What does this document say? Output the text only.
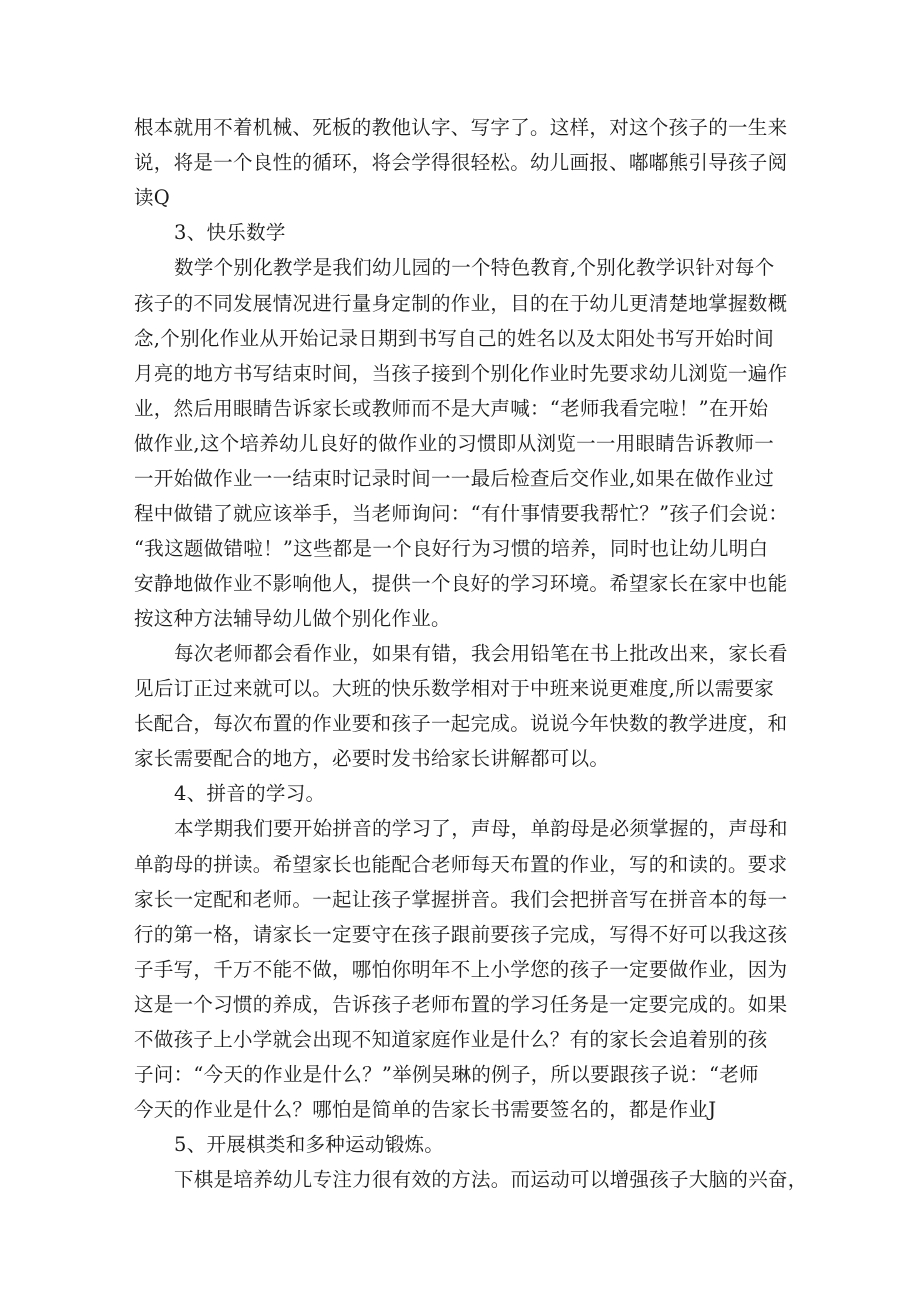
根本就用不着机械、死板的教他认字、写字了。这样，对这个孩子的一生来
说，将是一个良性的循环，将会学得很轻松。幼儿画报、嘟嘟熊引导孩子阅
读Q
3、快乐数学
数学个别化教学是我们幼儿园的一个特色教育,个别化教学识针对每个
孩子的不同发展情况进行量身定制的作业，目的在于幼儿更清楚地掌握数概
念,个别化作业从开始记录日期到书写自己的姓名以及太阳处书写开始时间
月亮的地方书写结束时间，当孩子接到个别化作业时先要求幼儿浏览一遍作
业，然后用眼睛告诉家长或教师而不是大声喊：“老师我看完啦！”在开始
做作业,这个培养幼儿良好的做作业的习惯即从浏览一一用眼睛告诉教师一
一开始做作业一一结束时记录时间一一最后检查后交作业,如果在做作业过
程中做错了就应该举手，当老师询问：“有什事情要我帮忙？”孩子们会说：
“我这题做错啦！”这些都是一个良好行为习惯的培养，同时也让幼儿明白
安静地做作业不影响他人，提供一个良好的学习环境。希望家长在家中也能
按这种方法辅导幼儿做个别化作业。
每次老师都会看作业，如果有错，我会用铅笔在书上批改出来，家长看
见后订正过来就可以。大班的快乐数学相对于中班来说更难度,所以需要家
长配合，每次布置的作业要和孩子一起完成。说说今年快数的教学进度，和
家长需要配合的地方，必要时发书给家长讲解都可以。
4、拼音的学习。
本学期我们要开始拼音的学习了，声母，单韵母是必须掌握的，声母和
单韵母的拼读。希望家长也能配合老师每天布置的作业，写的和读的。要求
家长一定配和老师。一起让孩子掌握拼音。我们会把拼音写在拼音本的每一
行的第一格，请家长一定要守在孩子跟前要孩子完成，写得不好可以我这孩
子手写，千万不能不做，哪怕你明年不上小学您的孩子一定要做作业，因为
这是一个习惯的养成，告诉孩子老师布置的学习任务是一定要完成的。如果
不做孩子上小学就会出现不知道家庭作业是什么？有的家长会追着别的孩
子问：“今天的作业是什么？”举例吴琳的例子，所以要跟孩子说：“老师
今天的作业是什么？哪怕是简单的告家长书需要签名的，都是作业J
5、开展棋类和多种运动锻炼。
下棋是培养幼儿专注力很有效的方法。而运动可以增强孩子大脑的兴奋，
